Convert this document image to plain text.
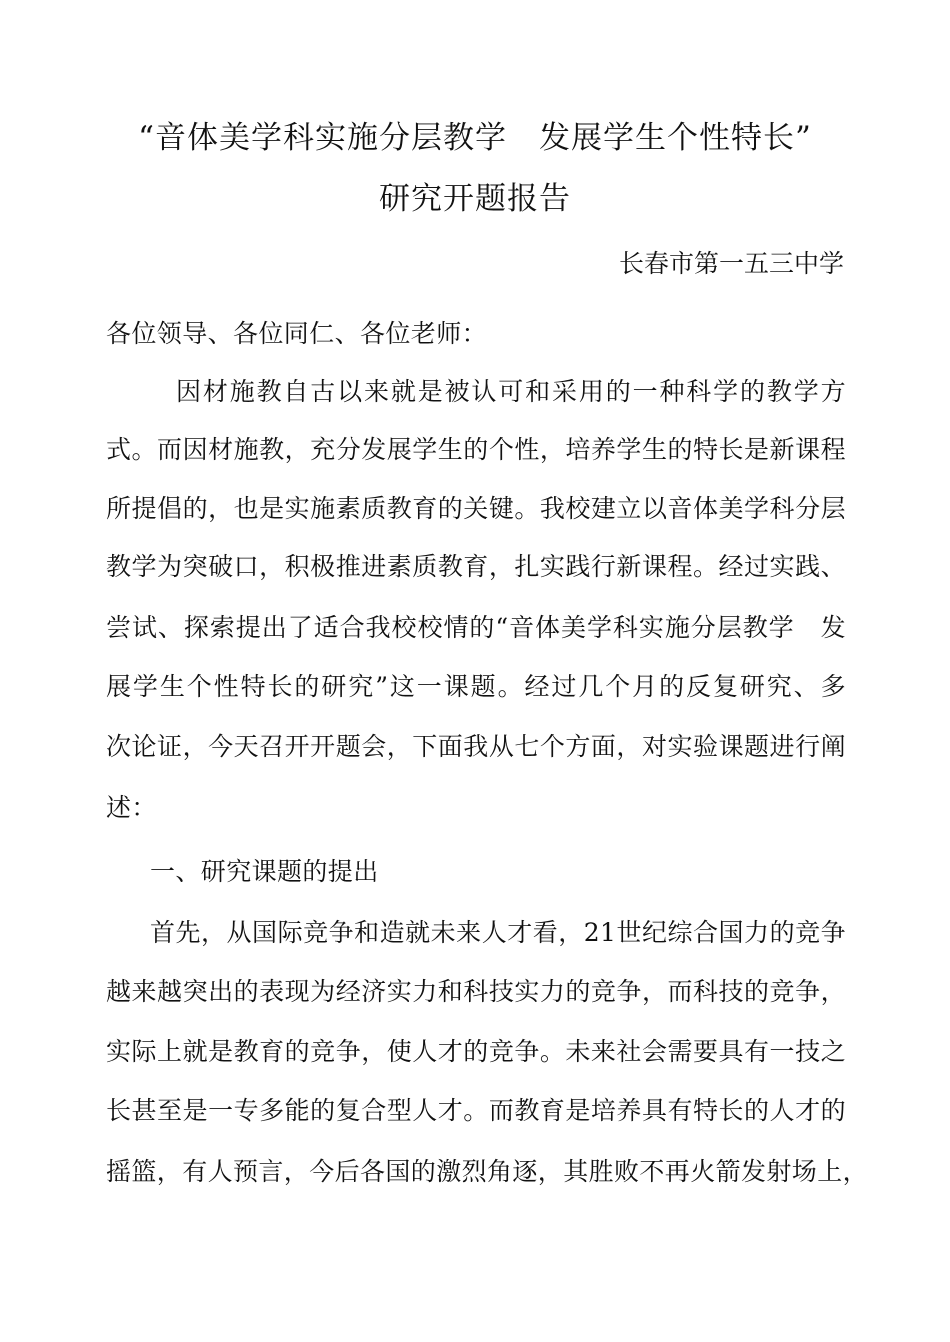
“音体美学科实施分层教学　发展学生个性特长”
研究开题报告
长春市第一五三中学
各位领导、各位同仁、各位老师：
因材施教自古以来就是被认可和采用的一种科学的教学方
式。而因材施教，充分发展学生的个性，培养学生的特长是新课程
所提倡的，也是实施素质教育的关键。我校建立以音体美学科分层
教学为突破口，积极推进素质教育，扎实践行新课程。经过实践、
尝试、探索提出了适合我校校情的“音体美学科实施分层教学　发
展学生个性特长的研究”这一课题。经过几个月的反复研究、多
次论证，今天召开开题会，下面我从七个方面，对实验课题进行阐
述：
一、研究课题的提出
首先，从国际竞争和造就未来人才看，21世纪综合国力的竞争
越来越突出的表现为经济实力和科技实力的竞争，而科技的竞争，
实际上就是教育的竞争，使人才的竞争。未来社会需要具有一技之
长甚至是一专多能的复合型人才。而教育是培养具有特长的人才的
摇篮，有人预言，今后各国的激烈角逐，其胜败不再火箭发射场上，
